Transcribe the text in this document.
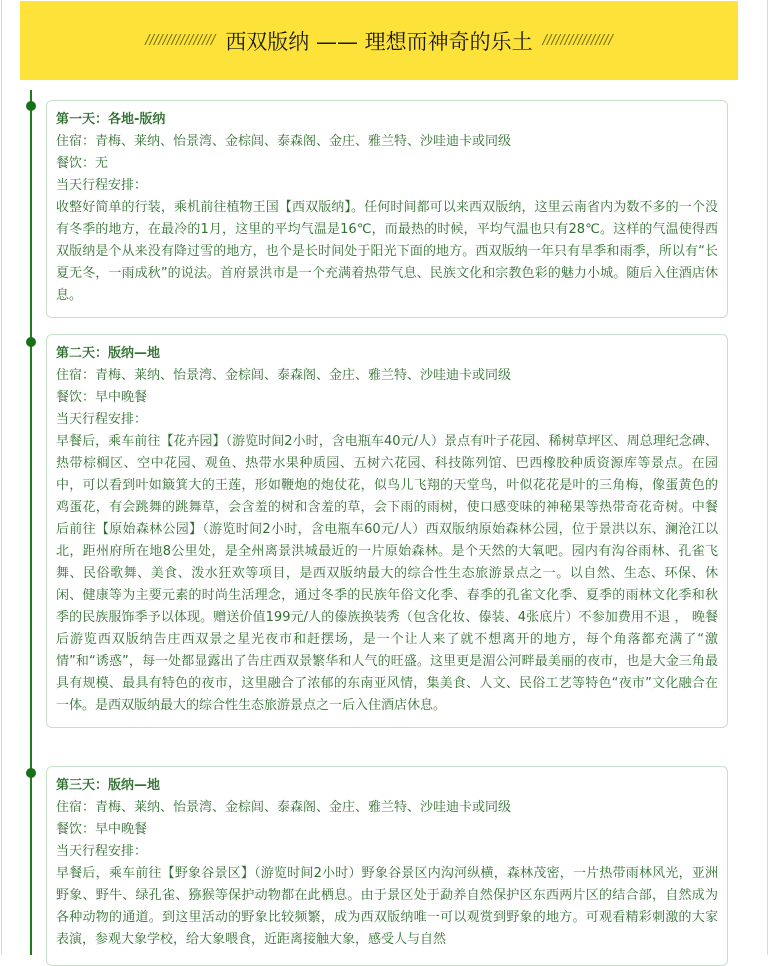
//////////////// 西双版纳 —— 理想而神奇的乐土 ////////////////
第一天：各地-版纳
住宿：青梅、莱纳、怡景湾、金棕闾、泰森阁、金庄、雅兰特、沙哇迪卡或同级
餐饮：无
当天行程安排：
收整好简单的行装，乘机前往植物王国【西双版纳】。任何时间都可以来西双版纳，这里云南省内为数不多的一个没有冬季的地方，在最冷的1月，这里的平均气温是16℃，而最热的时候，平均气温也只有28℃。这样的气温使得西双版纳是个从来没有降过雪的地方，也个是长时间处于阳光下面的地方。西双版纳一年只有旱季和雨季，所以有“长夏无冬，一雨成秋”的说法。首府景洪市是一个充满着热带气息、民族文化和宗教色彩的魅力小城。随后入住酒店休息。
第二天：版纳—地
住宿：青梅、莱纳、怡景湾、金棕闾、泰森阁、金庄、雅兰特、沙哇迪卡或同级
餐饮：早中晚餐
当天行程安排：
早餐后，乘车前往【花卉园】（游览时间2小时，含电瓶车40元/人）景点有叶子花园、稀树草坪区、周总理纪念碑、热带棕榈区、空中花园、观鱼、热带水果种质园、五树六花园、科技陈列馆、巴西橡胶种质资源库等景点。在园中，可以看到叶如簸箕大的王莲，形如鞭炮的炮仗花，似鸟儿飞翔的天堂鸟，叶似花花是叶的三角梅，像蛋黄色的鸡蛋花，有会跳舞的跳舞草，会含羞的树和含羞的草，会下雨的雨树，使口感变味的神秘果等热带奇花奇树。中餐后前往【原始森林公园】（游览时间2小时，含电瓶车60元/人）西双版纳原始森林公园，位于景洪以东、澜沧江以北，距州府所在地8公里处，是全州离景洪城最近的一片原始森林。是个天然的大氧吧。园内有沟谷雨林、孔雀飞舞、民俗歌舞、美食、泼水狂欢等项目，是西双版纳最大的综合性生态旅游景点之一。以自然、生态、环保、休闲、健康等为主要元素的时尚生活理念，通过冬季的民族年俗文化季、春季的孔雀文化季、夏季的雨林文化季和秋季的民族服饰季予以体现。赠送价值199元/人的傣族换装秀（包含化妆、傣装、4张底片）不参加费用不退 ， 晚餐后游览西双版纳告庄西双景之星光夜市和赶摆场，是一个让人来了就不想离开的地方，每个角落都充满了“激情”和“诱惑”，每一处都显露出了告庄西双景繁华和人气的旺盛。这里更是湄公河畔最美丽的夜市，也是大金三角最具有规模、最具有特色的夜市，这里融合了浓郁的东南亚风情，集美食、人文、民俗工艺等特色“夜市”文化融合在一体。是西双版纳最大的综合性生态旅游景点之一后入住酒店休息。
第三天：版纳—地
住宿：青梅、莱纳、怡景湾、金棕闾、泰森阁、金庄、雅兰特、沙哇迪卡或同级
餐饮：早中晚餐
当天行程安排：
早餐后，乘车前往【野象谷景区】（游览时间2小时）野象谷景区内沟河纵横，森林茂密，一片热带雨林风光，亚洲野象、野牛、绿孔雀、猕猴等保护动物都在此栖息。由于景区处于勐养自然保护区东西两片区的结合部，自然成为各种动物的通道。到这里活动的野象比较频繁，成为西双版纳唯一可以观赏到野象的地方。可观看精彩刺激的大家表演，参观大象学校，给大象喂食，近距离接触大象，感受人与自然
